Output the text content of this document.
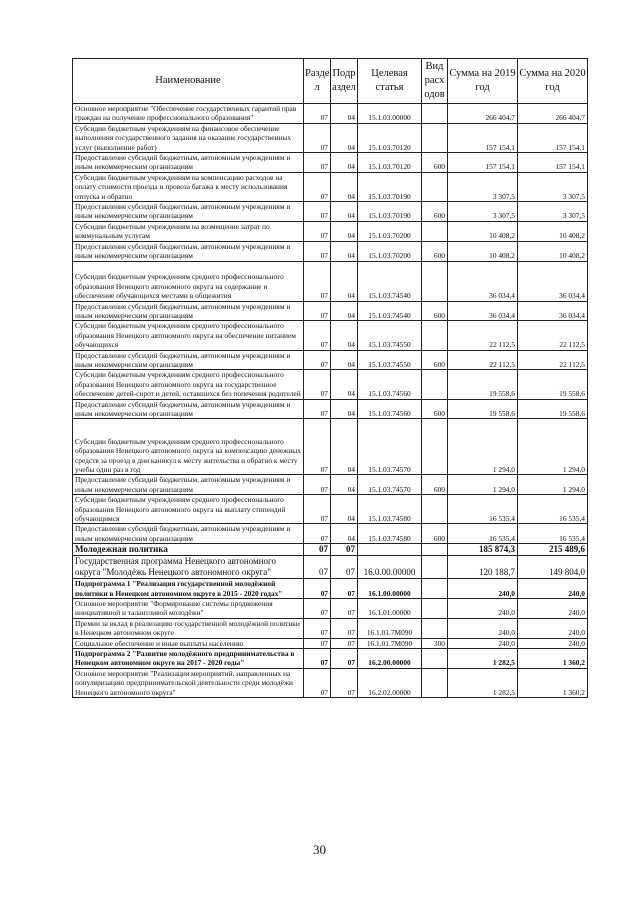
Наименование	Разде л	Подр аздел	Целевая статья	Вид расх одов	Сумма на 2019 год	Сумма на 2020 год
Основное мероприятие "Обеспечение государственных гарантий прав граждан на получение профессионального образования"	07	04	15.1.03.00000		266 404,7	266 404,7
Субсидии бюджетным учреждениям на финансовое обеспечение выполнения государственного задания на оказание государственных услуг (выполнение работ)	07	04	15.1.03.70120		157 154,1	157 154,1
Предоставление субсидий бюджетным, автономным учреждениям и иным некоммерческим организациям	07	04	15.1.03.70120	600	157 154,1	157 154,1
Субсидии бюджетным учреждениям на компенсацию расходов на оплату стоимости проезда и провоза багажа к месту использования отпуска и обратно	07	04	15.1.03.70190		3 307,5	3 307,5
Предоставление субсидий бюджетным, автономным учреждениям и иным некоммерческим организациям	07	04	15.1.03.70190	600	3 307,5	3 307,5
Субсидии бюджетным учреждениям на возмещение затрат по коммунальным услугам	07	04	15.1.03.70200		10 408,2	10 408,2
Предоставление субсидий бюджетным, автономным учреждениям и иным некоммерческим организациям	07	04	15.1.03.70200	600	10 408,2	10 408,2
Субсидии бюджетным учреждениям среднего профессионального образования Ненецкого автономного округа на содержание и обеспечение обучающихся местами в общежития	07	04	15.1.03.74540		36 034,4	36 034,4
Предоставление субсидий бюджетным, автономным учреждениям и иным некоммерческим организациям	07	04	15.1.03.74540	600	36 034,4	36 034,4
Субсидии бюджетным учреждениям среднего профессионального образования Ненецкого автономного округа на обеспечение питанием обучающихся	07	04	15.1.03.74550		22 112,5	22 112,5
Предоставление субсидий бюджетным, автономным учреждениям и иным некоммерческим организациям	07	04	15.1.03.74550	600	22 112,5	22 112,5
Субсидии бюджетным учреждениям среднего профессионального образования Ненецкого автономного округа на государственное обеспечение детей-сирот и детей, оставшихся без попечения родителей	07	04	15.1.03.74560		19 558,6	19 558,6
Предоставление субсидий бюджетным, автономным учреждениям и иным некоммерческим организациям	07	04	15.1.03.74560	600	19 558,6	19 558,6
Субсидии бюджетным учреждениям среднего профессионального образования Ненецкого автономного округа на компенсацию денежных средств за проезд в дни каникул к месту жительства и обратно к месту учебы один раз в год	07	04	15.1.03.74570		1 294,0	1 294,0
Предоставление субсидий бюджетным, автономным учреждениям и иным некоммерческим организациям	07	04	15.1.03.74570	600	1 294,0	1 294,0
Субсидии бюджетным учреждениям среднего профессионального образования Ненецкого автономного округа на выплату стипендий обучающимся	07	04	15.1.03.74580		16 535,4	16 535,4
Предоставление субсидий бюджетным, автономным учреждениям и иным некоммерческим организациям	07	04	15.1.03.74580	600	16 535,4	16 535,4
Молодежная политика	07	07			185 874,3	215 489,6
Государственная программа Ненецкого автономного округа "Молодёжь Ненецкого автономного округа"	07	07	16.0.00.00000		120 188,7	149 804,0
Подпрограмма 1 "Реализация государственной молодёжной политики в Ненецком автономном округе в 2015 - 2020 годах"	07	07	16.1.00.00000		240,0	240,0
Основное мероприятие "Формирование системы продвижения инициативной и талантливой молодёжи"	07	07	16.1.01.00000		240,0	240,0
Премии за вклад в реализацию государственной молодёжной политики в Ненецком автономном округе	07	07	16.1.01.7М090		240,0	240,0
Социальное обеспечение и иные выплаты населению	07	07	16.1.01.7М090	300	240,0	240,0
Подпрограмма 2 "Развитие молодёжного предпринимательства в Ненецком автономном округе на 2017 - 2020 годы"	07	07	16.2.00.00000		1 282,5	1 360,2
Основное мероприятие "Реализация мероприятий, направленных на популяризацию предпринимательской деятельности среди молодёжи Ненецкого автономного округа"	07	07	16.2.02.00000		1 282,5	1 360,2
30
